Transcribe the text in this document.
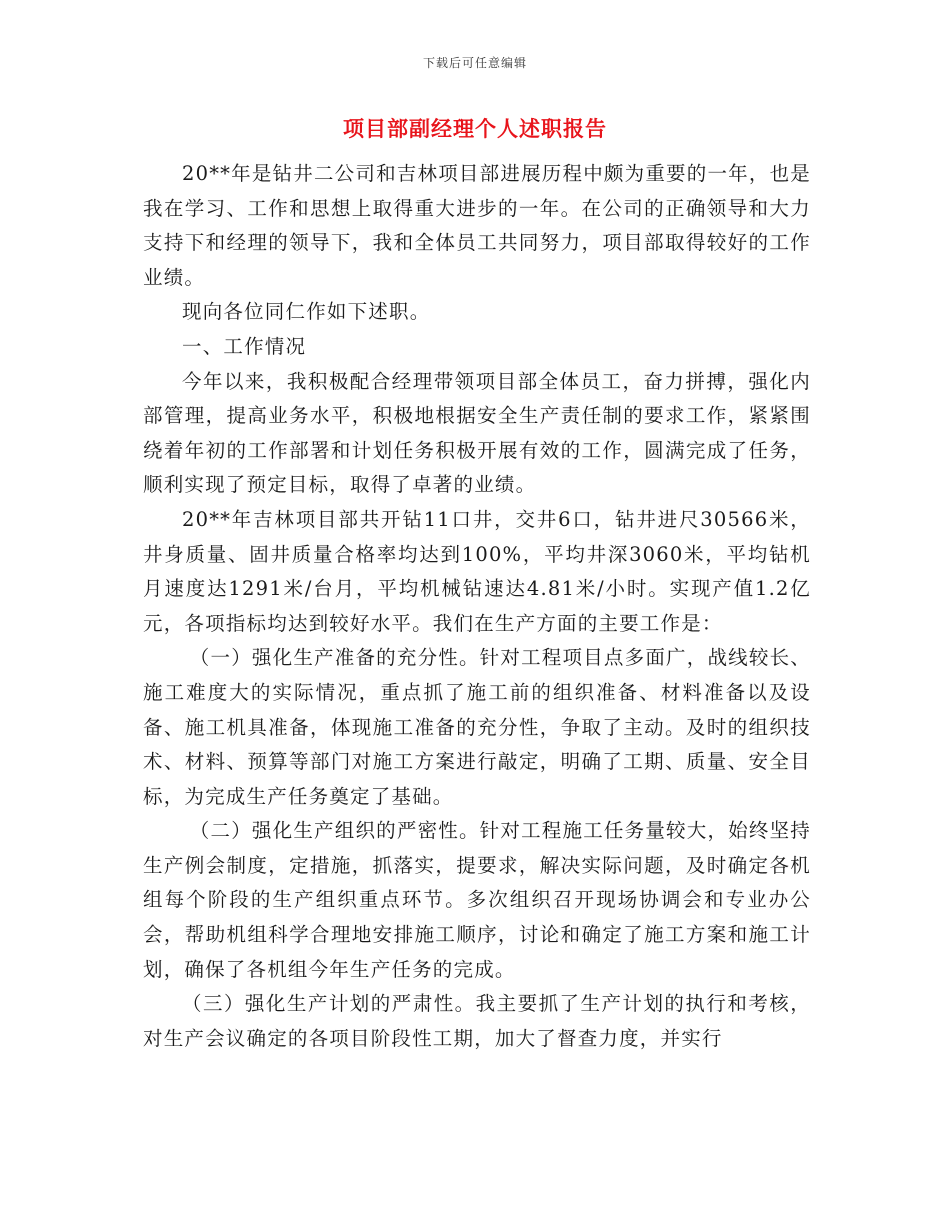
下载后可任意编辑
项目部副经理个人述职报告

20**年是钻井二公司和吉林项目部进展历程中颇为重要的一年，也是我在学习、工作和思想上取得重大进步的一年。在公司的正确领导和大力支持下和经理的领导下，我和全体员工共同努力，项目部取得较好的工作业绩。

现向各位同仁作如下述职。

一、工作情况

今年以来，我积极配合经理带领项目部全体员工，奋力拼搏，强化内部管理，提高业务水平，积极地根据安全生产责任制的要求工作，紧紧围绕着年初的工作部署和计划任务积极开展有效的工作，圆满完成了任务，顺利实现了预定目标，取得了卓著的业绩。

20**年吉林项目部共开钻11口井，交井6口，钻井进尺30566米，井身质量、固井质量合格率均达到100%，平均井深3060米，平均钻机月速度达1291米/台月，平均机械钻速达4.81米/小时。实现产值1.2亿元，各项指标均达到较好水平。我们在生产方面的主要工作是：

（一）强化生产准备的充分性。针对工程项目点多面广，战线较长、施工难度大的实际情况，重点抓了施工前的组织准备、材料准备以及设备、施工机具准备，体现施工准备的充分性，争取了主动。及时的组织技术、材料、预算等部门对施工方案进行敲定，明确了工期、质量、安全目标，为完成生产任务奠定了基础。

（二）强化生产组织的严密性。针对工程施工任务量较大，始终坚持生产例会制度，定措施，抓落实，提要求，解决实际问题，及时确定各机组每个阶段的生产组织重点环节。多次组织召开现场协调会和专业办公会，帮助机组科学合理地安排施工顺序，讨论和确定了施工方案和施工计划，确保了各机组今年生产任务的完成。

（三）强化生产计划的严肃性。我主要抓了生产计划的执行和考核，对生产会议确定的各项目阶段性工期，加大了督查力度，并实行
